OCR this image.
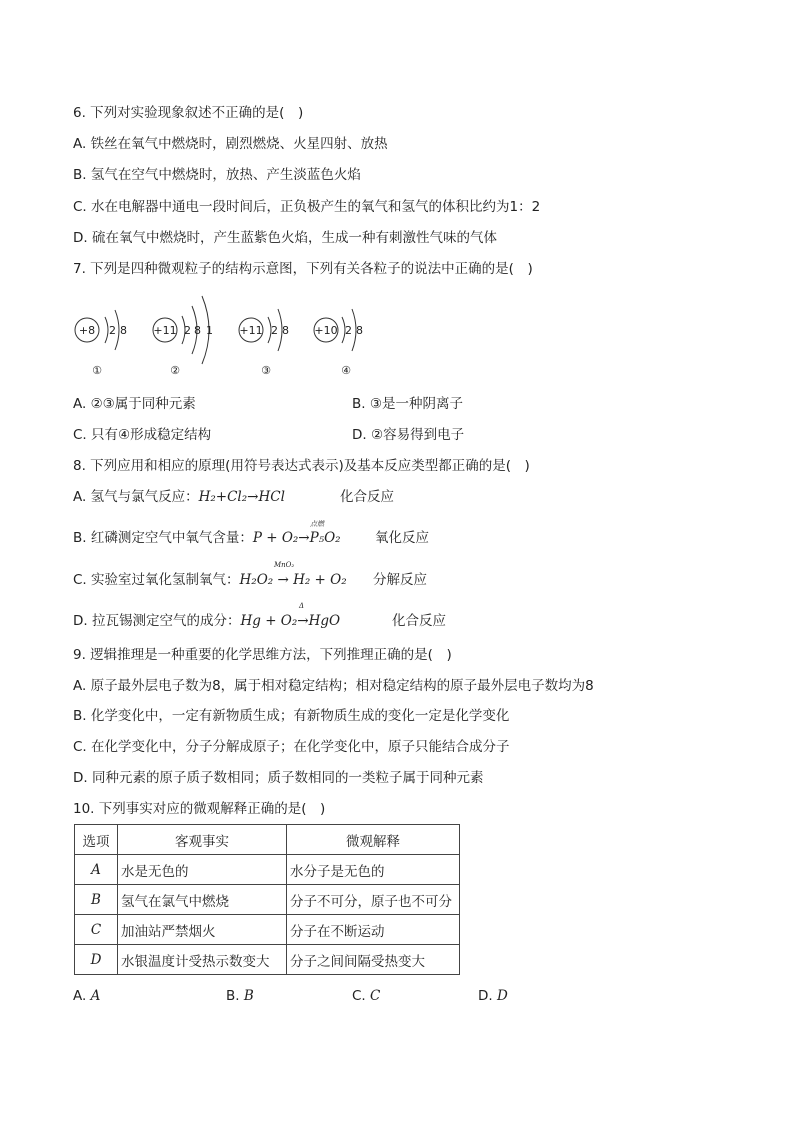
6. 下列对实验现象叙述不正确的是(　)
A. 铁丝在氧气中燃烧时，剧烈燃烧、火星四射、放热
B. 氢气在空气中燃烧时，放热、产生淡蓝色火焰
C. 水在电解器中通电一段时间后，正负极产生的氧气和氢气的体积比约为1：2
D. 硫在氧气中燃烧时，产生蓝紫色火焰，生成一种有刺激性气味的气体
7. 下列是四种微观粒子的结构示意图，下列有关各粒子的说法中正确的是(　)
+8 2 8
①
+11 2 8 1
②
+11 2 8
③
+10 2 8
④
A. ②③属于同种元素	B. ③是一种阴离子
C. 只有④形成稳定结构	D. ②容易得到电子
8. 下列应用和相应的原理(用符号表达式表示)及基本反应类型都正确的是(　)
A. 氢气与氯气反应：H₂+Cl₂→HCl	化合反应
点燃
B. 红磷测定空气中氧气含量：P + O₂→P₅O₂	氧化反应
MnO₂
C. 实验室过氧化氢制氧气：H₂O₂ → H₂ + O₂ 分解反应
Δ
D. 拉瓦锡测定空气的成分：Hg + O₂→HgO	化合反应
9. 逻辑推理是一种重要的化学思维方法，下列推理正确的是(　)
A. 原子最外层电子数为8，属于相对稳定结构；相对稳定结构的原子最外层电子数均为8
B. 化学变化中，一定有新物质生成；有新物质生成的变化一定是化学变化
C. 在化学变化中，分子分解成原子；在化学变化中，原子只能结合成分子
D. 同种元素的原子质子数相同；质子数相同的一类粒子属于同种元素
10. 下列事实对应的微观解释正确的是(　)
选项	客观事实	微观解释
A	水是无色的	水分子是无色的
B	氢气在氯气中燃烧	分子不可分，原子也不可分
C	加油站严禁烟火	分子在不断运动
D	水银温度计受热示数变大	分子之间间隔受热变大
A. A	B. B	C. C	D. D
